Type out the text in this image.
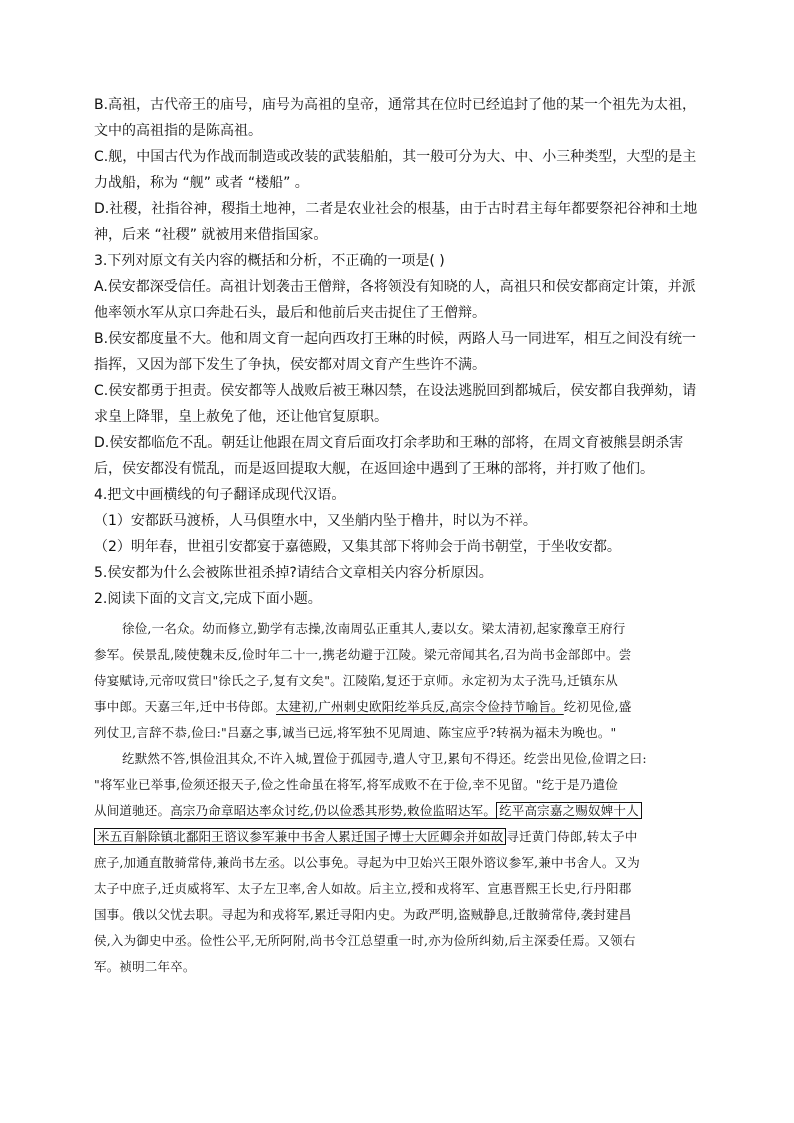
B.高祖，古代帝王的庙号，庙号为高祖的皇帝，通常其在位时已经追封了他的某一个祖先为太祖，
文中的高祖指的是陈高祖。
C.舰，中国古代为作战而制造或改装的武装船舶，其一般可分为大、中、小三种类型，大型的是主
力战船，称为 “舰” 或者 “楼船” 。
D.社稷，社指谷神，稷指土地神，二者是农业社会的根基，由于古时君主每年都要祭祀谷神和土地
神，后来 “社稷” 就被用来借指国家。
3.下列对原文有关内容的概括和分析，不正确的一项是( )
A.侯安都深受信任。高祖计划袭击王僧辩，各将领没有知晓的人，高祖只和侯安都商定计策，并派
他率领水军从京口奔赴石头，最后和他前后夹击捉住了王僧辩。
B.侯安都度量不大。他和周文育一起向西攻打王琳的时候，两路人马一同进军，相互之间没有统一
指挥，又因为部下发生了争执，侯安都对周文育产生些许不满。
C.侯安都勇于担责。侯安都等人战败后被王琳囚禁，在设法逃脱回到都城后，侯安都自我弹劾，请
求皇上降罪，皇上赦免了他，还让他官复原职。
D.侯安都临危不乱。朝廷让他跟在周文育后面攻打余孝助和王琳的部将，在周文育被熊昙朗杀害
后，侯安都没有慌乱，而是返回提取大舰，在返回途中遇到了王琳的部将，并打败了他们。
4.把文中画横线的句子翻译成现代汉语。
（1）安都跃马渡桥，人马俱堕水中，又坐艄内坠于橹井，时以为不祥。
（2）明年春，世祖引安都宴于嘉德殿，又集其部下将帅会于尚书朝堂，于坐收安都。
5.侯安都为什么会被陈世祖杀掉?请结合文章相关内容分析原因。
2.阅读下面的文言文,完成下面小题。
徐俭,一名众。幼而修立,勤学有志操,汝南周弘正重其人,妻以女。梁太清初,起家豫章王府行
参军。侯景乱,陵使魏未反,俭时年二十一,携老幼避于江陵。梁元帝闻其名,召为尚书金部郎中。尝
侍宴赋诗,元帝叹赏曰"徐氏之子,复有文矣"。江陵陷,复还于京师。永定初为太子洗马,迁镇东从
事中郎。天嘉三年,迁中书侍郎。太建初,广州刺史欧阳纥举兵反,高宗令俭持节喻旨。纥初见俭,盛
列仗卫,言辞不恭,俭曰:"吕嘉之事,诚当已远,将军独不见周迪、陈宝应乎?转祸为福未为晚也。"
纥默然不答,惧俭沮其众,不许入城,置俭于孤园寺,遣人守卫,累旬不得还。纥尝出见俭,俭谓之曰:
"将军业已举事,俭须还报天子,俭之性命虽在将军,将军成败不在于俭,幸不见留。"纥于是乃遣俭
从间道驰还。高宗乃命章昭达率众讨纥,仍以俭悉其形势,敕俭监昭达军。 纥平高宗嘉之赐奴婢十人
米五百斛除镇北鄱阳王谘议参军兼中书舍人累迁国子博士大匠卿余并如故 寻迁黄门侍郎,转太子中
庶子,加通直散骑常侍,兼尚书左丞。以公事免。寻起为中卫始兴王限外谘议参军,兼中书舍人。又为
太子中庶子,迁贞威将军、太子左卫率,舍人如故。后主立,授和戎将军、宣惠晋熙王长史,行丹阳郡
国事。俄以父忧去职。寻起为和戎将军,累迁寻阳内史。为政严明,盗贼静息,迁散骑常侍,袭封建昌
侯,入为御史中丞。俭性公平,无所阿附,尚书令江总望重一时,亦为俭所纠劾,后主深委任焉。又领右
军。祯明二年卒。
